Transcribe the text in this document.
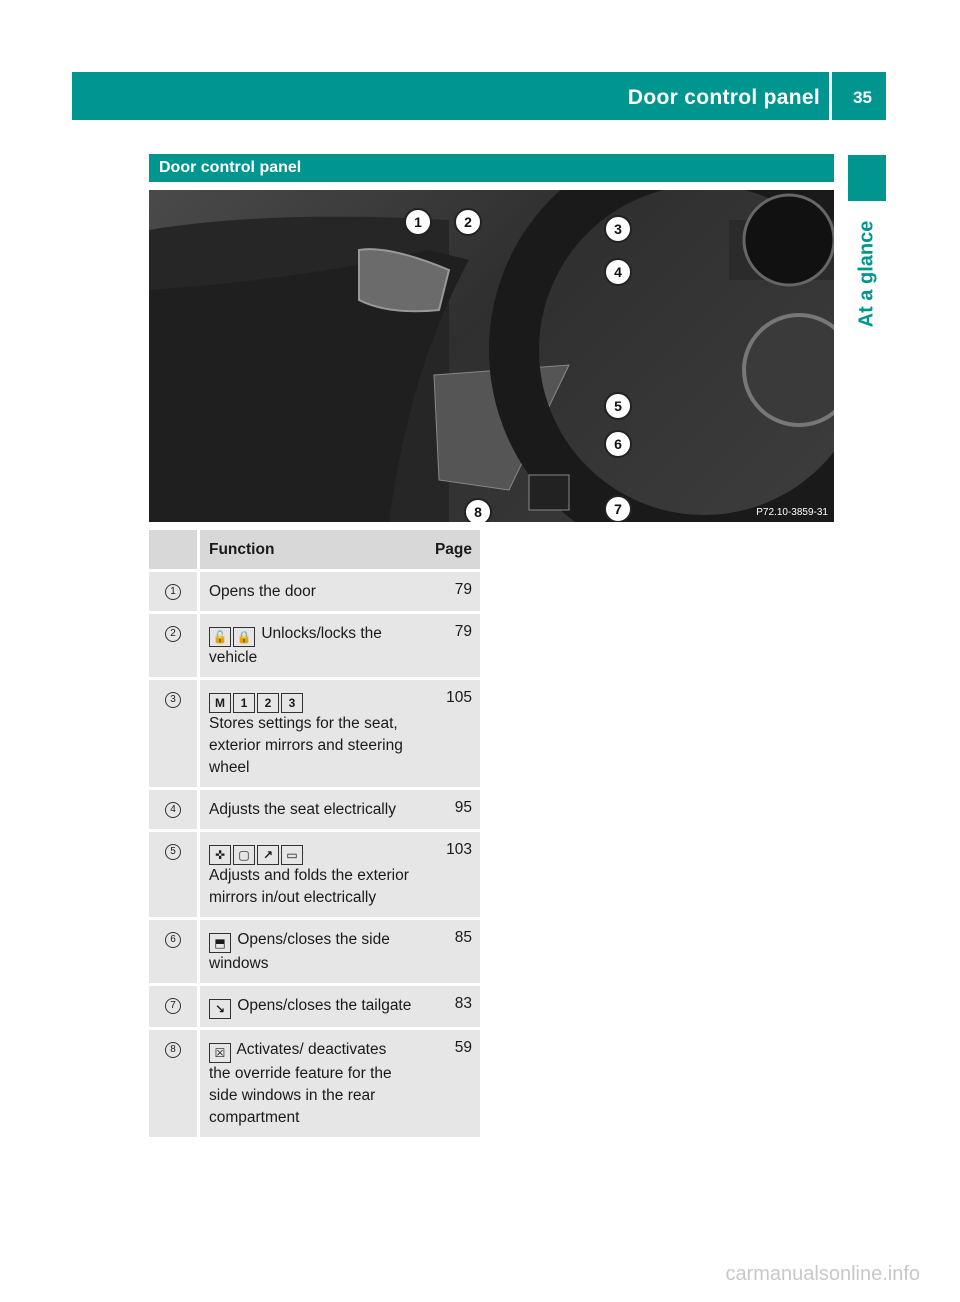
Door control panel 35
At a glance
Door control panel
1	2	3
4
5
6
7
8	P72.10-3859-31
	Function	Page
1	Opens the door	79
2	🔓 🔒 Unlocks/locks the vehicle	79
3	M 1 2 3
Stores settings for the seat, exterior mirrors and steering wheel	105
4	Adjusts the seat electrically	95
5	✜ ▢ ↗ ▭
Adjusts and folds the exterior mirrors in/out electrically	103
6	⬒ Opens/closes the side windows	85
7	↘ Opens/closes the tailgate	83
8	☒ Activates/ deactivates the override feature for the side windows in the rear compartment	59
carmanualsonline.info
